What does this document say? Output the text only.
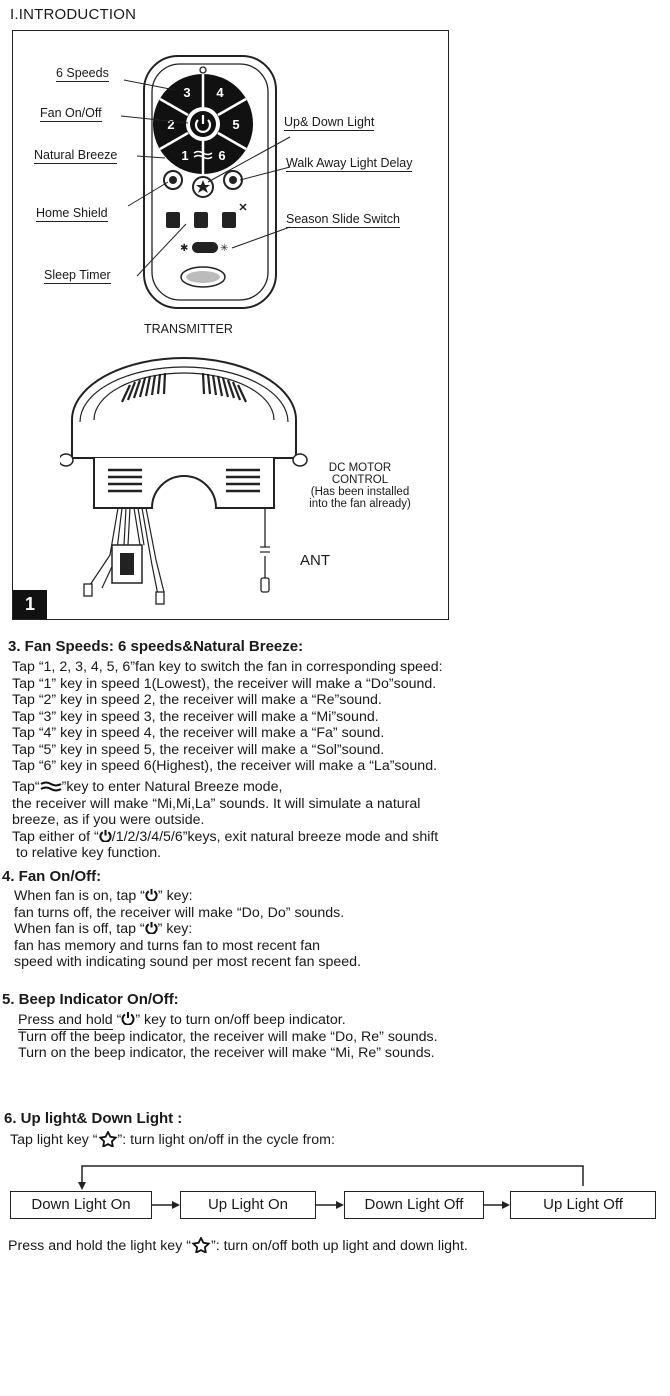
I.INTRODUCTION
3 4
2	5
1 6
✱	✳
6 Speeds
Fan On/Off
Natural Breeze
Home Shield
Sleep Timer
Up& Down Light
Walk Away Light Delay
Season Slide Switch
TRANSMITTER
DC MOTOR
CONTROL
(Has been installed
into the fan already)
ANT
1
3. Fan Speeds: 6 speeds&Natural Breeze:
Tap “1, 2, 3, 4, 5, 6”fan key to switch the fan in corresponding speed:
Tap “1” key in speed 1(Lowest), the receiver will make a “Do”sound.
Tap “2” key in speed 2, the receiver will make a “Re”sound.
Tap “3” key in speed 3, the receiver will make a “Mi”sound.
Tap “4” key in speed 4, the receiver will make a “Fa” sound.
Tap “5” key in speed 5, the receiver will make a “Sol”sound.
Tap “6” key in speed 6(Highest), the receiver will make a “La”sound.
Tap“ ”key to enter Natural Breeze mode,
the receiver will make “Mi,Mi,La” sounds. It will simulate a natural
breeze, as if you were outside.
Tap either of “ /1/2/3/4/5/6”keys, exit natural breeze mode and shift
to relative key function.
4. Fan On/Off:
When fan is on, tap “ ” key:
fan turns off, the receiver will make “Do, Do” sounds.
When fan is off, tap “ ” key:
fan has memory and turns fan to most recent fan
speed with indicating sound per most recent fan speed.
5. Beep Indicator On/Off:
Press and hold “ ” key to turn on/off beep indicator.
Turn off the beep indicator, the receiver will make “Do, Re” sounds.
Turn on the beep indicator, the receiver will make “Mi, Re” sounds.
6. Up light& Down Light :
Tap light key “ ”: turn light on/off in the cycle from:
Down Light On	Up Light On	Down Light Off	Up Light Off
Press and hold the light key “ ”: turn on/off both up light and down light.
